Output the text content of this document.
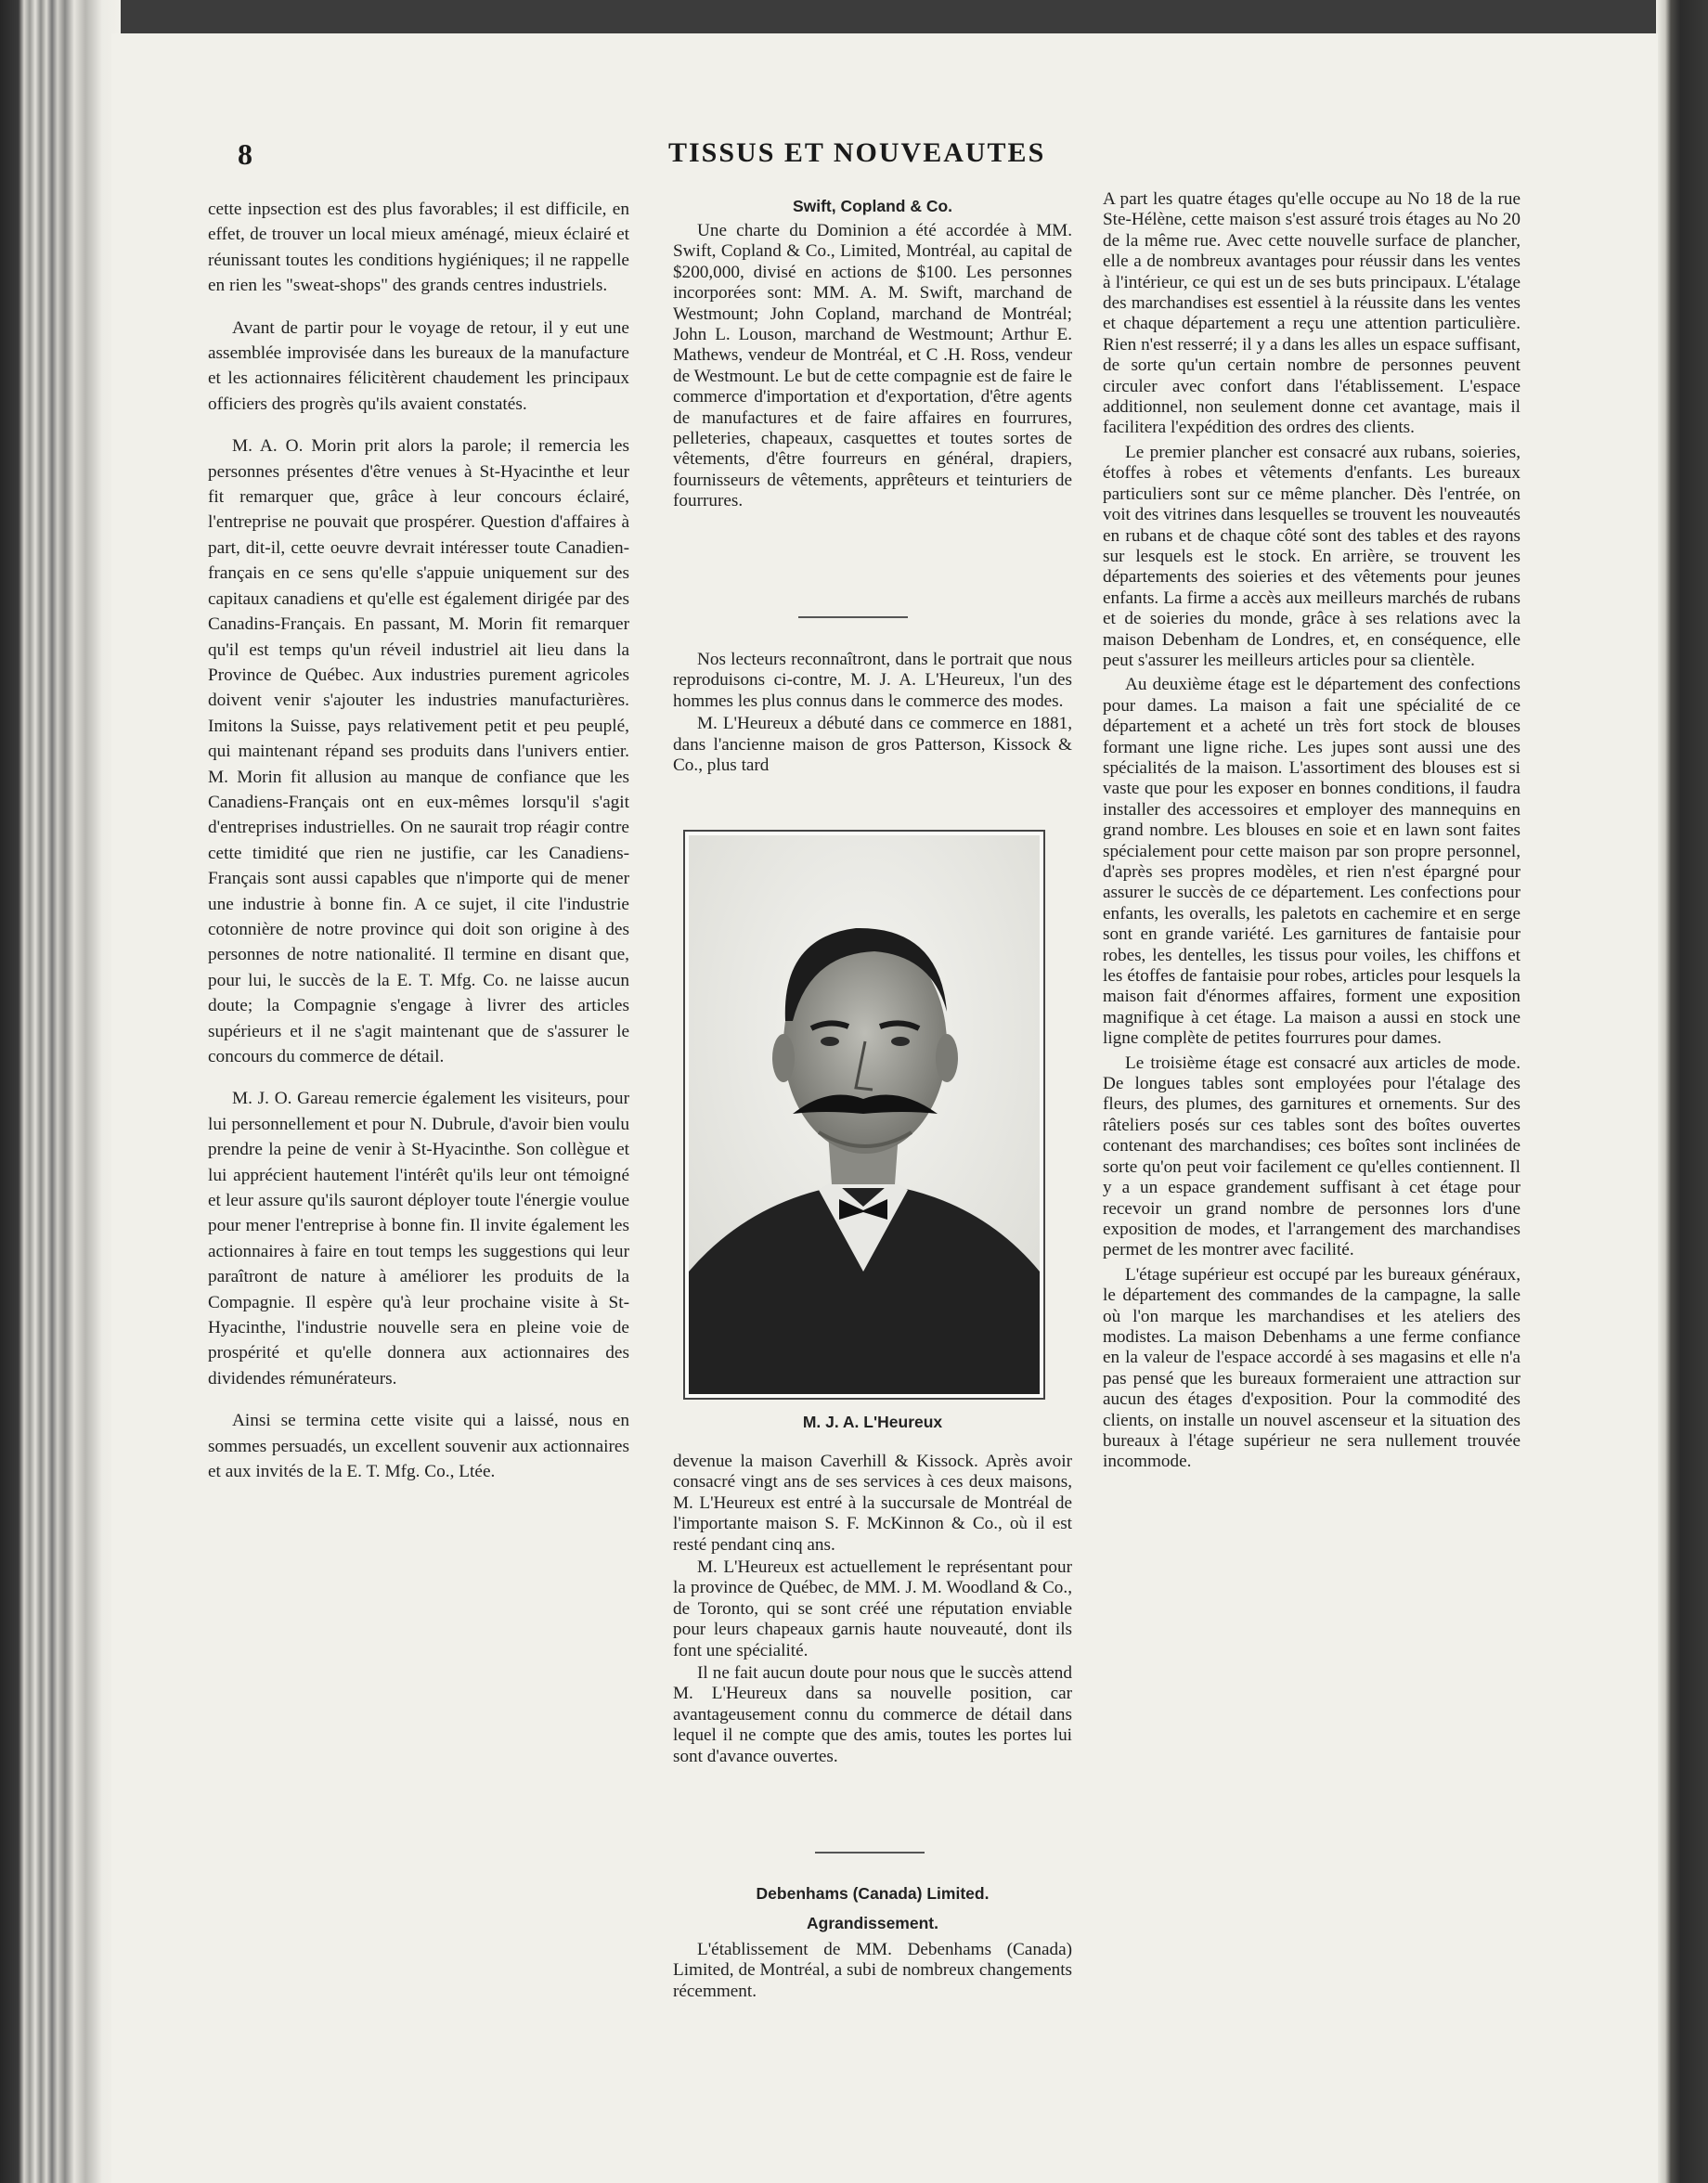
8	TISSUS ET NOUVEAUTES

cette inpsection est des plus favorables; il est difficile, en effet, de trouver un local mieux aménagé, mieux éclairé et réunissant toutes les conditions hygiéniques; il ne rappelle en rien les "sweat-shops" des grands centres industriels.

Avant de partir pour le voyage de retour, il y eut une assemblée improvisée dans les bureaux de la manufacture et les actionnaires félicitèrent chaudement les principaux officiers des progrès qu'ils avaient constatés.

M. A. O. Morin prit alors la parole; il remercia les personnes présentes d'être venues à St-Hyacinthe et leur fit remarquer que, grâce à leur concours éclairé, l'entreprise ne pouvait que prospérer. Question d'affaires à part, dit-il, cette oeuvre devrait intéresser toute Canadien-français en ce sens qu'elle s'appuie uniquement sur des capitaux canadiens et qu'elle est également dirigée par des Canadins-Français. En passant, M. Morin fit remarquer qu'il est temps qu'un réveil industriel ait lieu dans la Province de Québec. Aux industries purement agricoles doivent venir s'ajouter les industries manufacturières. Imitons la Suisse, pays relativement petit et peu peuplé, qui maintenant répand ses produits dans l'univers entier. M. Morin fit allusion au manque de confiance que les Canadiens-Français ont en eux-mêmes lorsqu'il s'agit d'entreprises industrielles. On ne saurait trop réagir contre cette timidité que rien ne justifie, car les Canadiens-Français sont aussi capables que n'importe qui de mener une industrie à bonne fin. A ce sujet, il cite l'industrie cotonnière de notre province qui doit son origine à des personnes de notre nationalité. Il termine en disant que, pour lui, le succès de la E. T. Mfg. Co. ne laisse aucun doute; la Compagnie s'engage à livrer des articles supérieurs et il ne s'agit maintenant que de s'assurer le concours du commerce de détail.

M. J. O. Gareau remercie également les visiteurs, pour lui personnellement et pour N. Dubrule, d'avoir bien voulu prendre la peine de venir à St-Hyacinthe. Son collègue et lui apprécient hautement l'intérêt qu'ils leur ont témoigné et leur assure qu'ils sauront déployer toute l'énergie voulue pour mener l'entreprise à bonne fin. Il invite également les actionnaires à faire en tout temps les suggestions qui leur paraîtront de nature à améliorer les produits de la Compagnie. Il espère qu'à leur prochaine visite à St-Hyacinthe, l'industrie nouvelle sera en pleine voie de prospérité et qu'elle donnera aux actionnaires des dividendes rémunérateurs.

Ainsi se termina cette visite qui a laissé, nous en sommes persuadés, un excellent souvenir aux actionnaires et aux invités de la E. T. Mfg. Co., Ltée.

Swift, Copland & Co.

Une charte du Dominion a été accordée à MM. Swift, Copland & Co., Limited, Montréal, au capital de $200,000, divisé en actions de $100. Les personnes incorporées sont: MM. A. M. Swift, marchand de Westmount; John Copland, marchand de Montréal; John L. Louson, marchand de Westmount; Arthur E. Mathews, vendeur de Montréal, et C .H. Ross, vendeur de Westmount. Le but de cette compagnie est de faire le commerce d'importation et d'exportation, d'être agents de manufactures et de faire affaires en fourrures, pelleteries, chapeaux, casquettes et toutes sortes de vêtements, d'être fourreurs en général, drapiers, fournisseurs de vêtements, apprêteurs et teinturiers de fourrures.

Nos lecteurs reconnaîtront, dans le portrait que nous reproduisons ci-contre, M. J. A. L'Heureux, l'un des hommes les plus connus dans le commerce des modes.

M. L'Heureux a débuté dans ce commerce en 1881, dans l'ancienne maison de gros Patterson, Kissock & Co., plus tard

M. J. A. L'Heureux

devenue la maison Caverhill & Kissock. Après avoir consacré vingt ans de ses services à ces deux maisons, M. L'Heureux est entré à la succursale de Montréal de l'importante maison S. F. McKinnon & Co., où il est resté pendant cinq ans.

M. L'Heureux est actuellement le représentant pour la province de Québec, de MM. J. M. Woodland & Co., de Toronto, qui se sont créé une réputation enviable pour leurs chapeaux garnis haute nouveauté, dont ils font une spécialité.

Il ne fait aucun doute pour nous que le succès attend M. L'Heureux dans sa nouvelle position, car avantageusement connu du commerce de détail dans lequel il ne compte que des amis, toutes les portes lui sont d'avance ouvertes.

Debenhams (Canada) Limited.
Agrandissement.

L'établissement de MM. Debenhams (Canada) Limited, de Montréal, a subi de nombreux changements récemment.

A part les quatre étages qu'elle occupe au No 18 de la rue Ste-Hélène, cette maison s'est assuré trois étages au No 20 de la même rue. Avec cette nouvelle surface de plancher, elle a de nombreux avantages pour réussir dans les ventes à l'intérieur, ce qui est un de ses buts principaux. L'étalage des marchandises est essentiel à la réussite dans les ventes et chaque département a reçu une attention particulière. Rien n'est resserré; il y a dans les alles un espace suffisant, de sorte qu'un certain nombre de personnes peuvent circuler avec confort dans l'établissement. L'espace additionnel, non seulement donne cet avantage, mais il facilitera l'expédition des ordres des clients.

Le premier plancher est consacré aux rubans, soieries, étoffes à robes et vêtements d'enfants. Les bureaux particuliers sont sur ce même plancher. Dès l'entrée, on voit des vitrines dans lesquelles se trouvent les nouveautés en rubans et de chaque côté sont des tables et des rayons sur lesquels est le stock. En arrière, se trouvent les départements des soieries et des vêtements pour jeunes enfants. La firme a accès aux meilleurs marchés de rubans et de soieries du monde, grâce à ses relations avec la maison Debenham de Londres, et, en conséquence, elle peut s'assurer les meilleurs articles pour sa clientèle.

Au deuxième étage est le département des confections pour dames. La maison a fait une spécialité de ce département et a acheté un très fort stock de blouses formant une ligne riche. Les jupes sont aussi une des spécialités de la maison. L'assortiment des blouses est si vaste que pour les exposer en bonnes conditions, il faudra installer des accessoires et employer des mannequins en grand nombre. Les blouses en soie et en lawn sont faites spécialement pour cette maison par son propre personnel, d'après ses propres modèles, et rien n'est épargné pour assurer le succès de ce département. Les confections pour enfants, les overalls, les paletots en cachemire et en serge sont en grande variété. Les garnitures de fantaisie pour robes, les dentelles, les tissus pour voiles, les chiffons et les étoffes de fantaisie pour robes, articles pour lesquels la maison fait d'énormes affaires, forment une exposition magnifique à cet étage. La maison a aussi en stock une ligne complète de petites fourrures pour dames.

Le troisième étage est consacré aux articles de mode. De longues tables sont employées pour l'étalage des fleurs, des plumes, des garnitures et ornements. Sur des râteliers posés sur ces tables sont des boîtes ouvertes contenant des marchandises; ces boîtes sont inclinées de sorte qu'on peut voir facilement ce qu'elles contiennent. Il y a un espace grandement suffisant à cet étage pour recevoir un grand nombre de personnes lors d'une exposition de modes, et l'arrangement des marchandises permet de les montrer avec facilité.

L'étage supérieur est occupé par les bureaux généraux, le département des commandes de la campagne, la salle où l'on marque les marchandises et les ateliers des modistes. La maison Debenhams a une ferme confiance en la valeur de l'espace accordé à ses magasins et elle n'a pas pensé que les bureaux formeraient une attraction sur aucun des étages d'exposition. Pour la commodité des clients, on installe un nouvel ascenseur et la situation des bureaux à l'étage supérieur ne sera nullement trouvée incommode.
